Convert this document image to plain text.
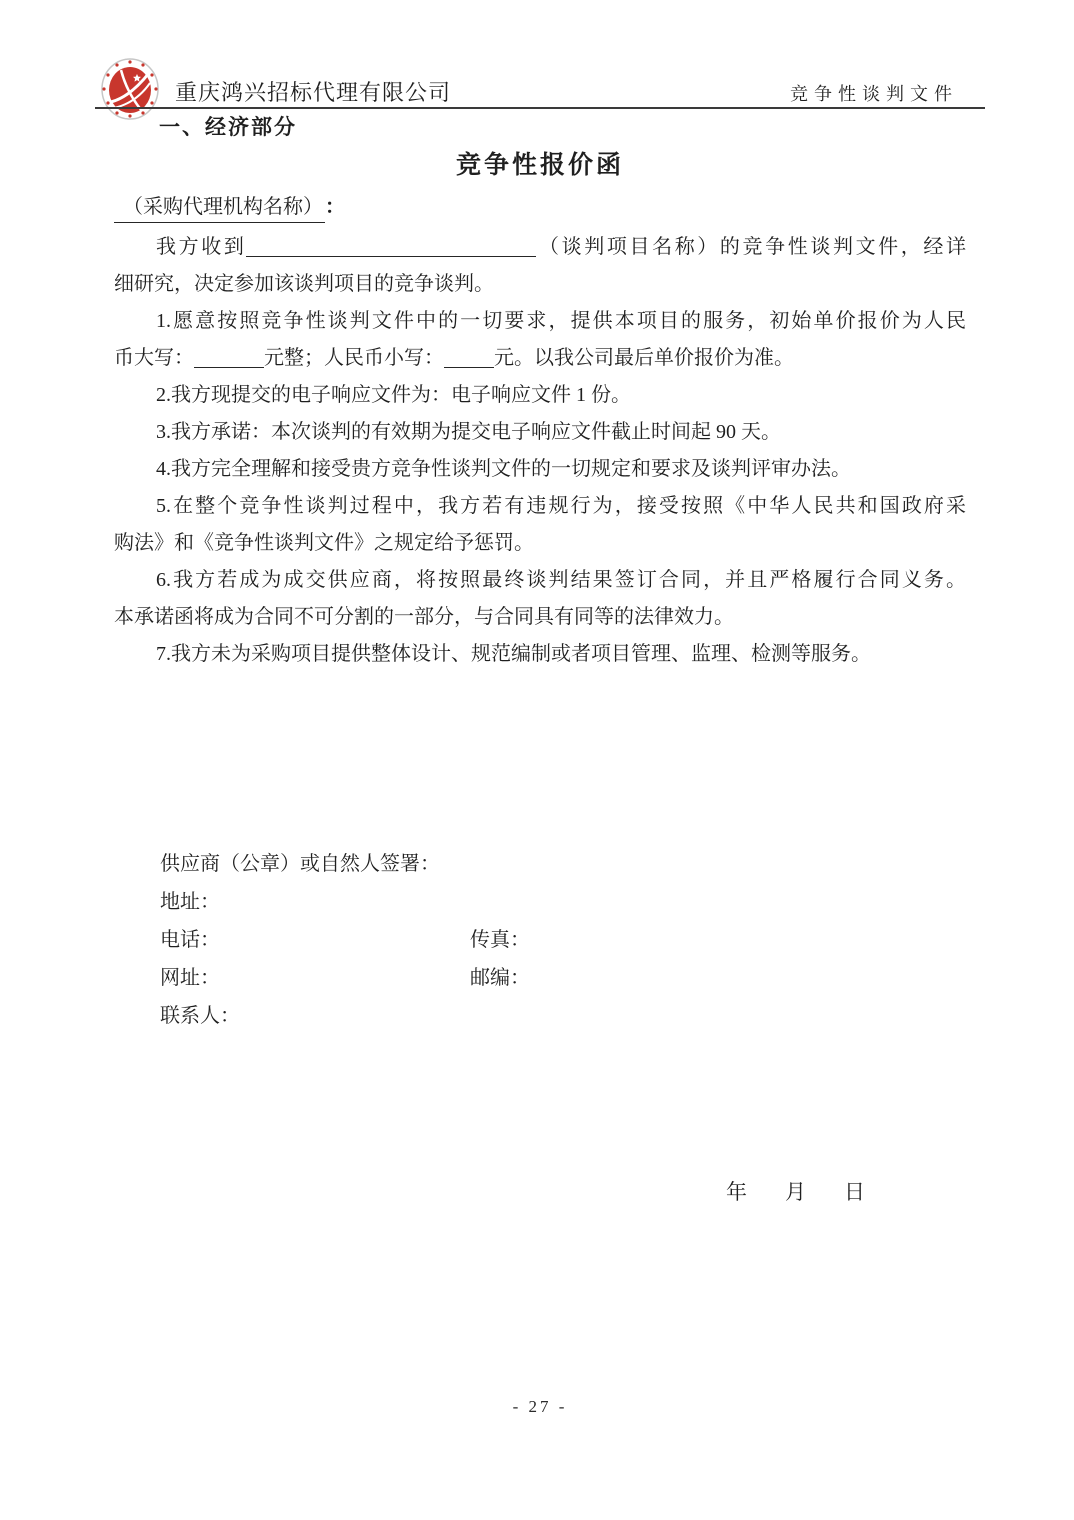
重庆鸿兴招标代理有限公司	竞争性谈判文件
一、经济部分
竞争性报价函
（采购代理机构名称） ：
我方收到	（谈判项目名称）的竞争性谈判文件，经详
细研究，决定参加该谈判项目的竞争谈判。
1.愿意按照竞争性谈判文件中的一切要求，提供本项目的服务，初始单价报价为人民
币大写：	元整；人民币小写：	元。以我公司最后单价报价为准。
2.我方现提交的电子响应文件为：电子响应文件 1 份。
3.我方承诺：本次谈判的有效期为提交电子响应文件截止时间起 90 天。
4.我方完全理解和接受贵方竞争性谈判文件的一切规定和要求及谈判评审办法。
5.在整个竞争性谈判过程中，我方若有违规行为，接受按照《中华人民共和国政府采
购法》和《竞争性谈判文件》之规定给予惩罚。
6.我方若成为成交供应商，将按照最终谈判结果签订合同，并且严格履行合同义务。
本承诺函将成为合同不可分割的一部分，与合同具有同等的法律效力。
7.我方未为采购项目提供整体设计、规范编制或者项目管理、监理、检测等服务。
供应商（公章）或自然人签署：
地址：
电话：	传真：
网址：	邮编：
联系人：
年 月 日
- 27 -
